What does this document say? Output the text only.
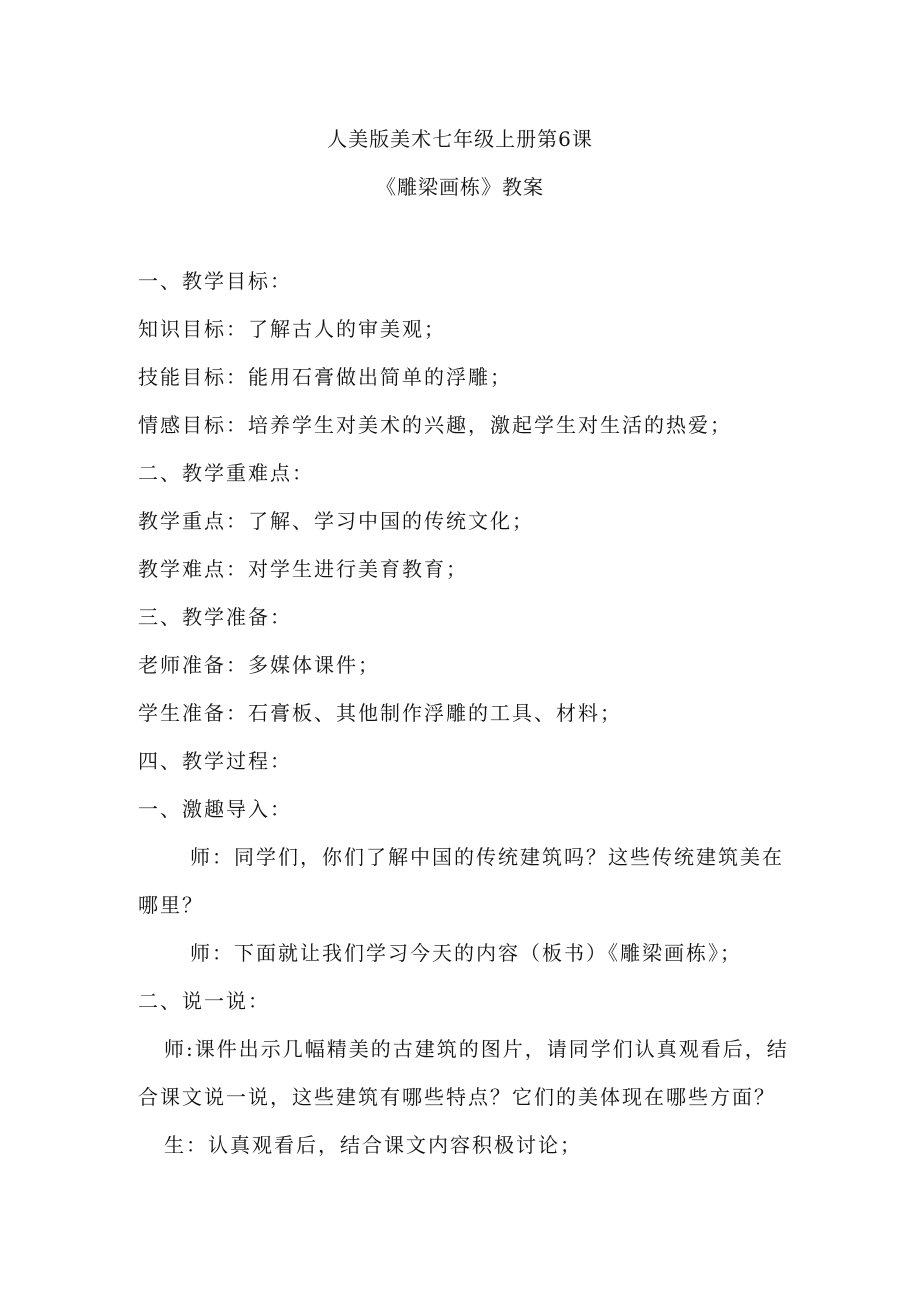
人美版美术七年级上册第6课
《雕梁画栋》教案
一、教学目标：
知识目标：了解古人的审美观；
技能目标：能用石膏做出简单的浮雕；
情感目标：培养学生对美术的兴趣，激起学生对生活的热爱；
二、教学重难点：
教学重点：了解、学习中国的传统文化；
教学难点：对学生进行美育教育；
三、教学准备：
老师准备：多媒体课件；
学生准备：石膏板、其他制作浮雕的工具、材料；
四、教学过程：
一、激趣导入：
师：同学们，你们了解中国的传统建筑吗？这些传统建筑美在
哪里？
师：下面就让我们学习今天的内容（板书）《雕梁画栋》；
二、说一说：
师:课件出示几幅精美的古建筑的图片，请同学们认真观看后，结
合课文说一说，这些建筑有哪些特点？它们的美体现在哪些方面？
生：认真观看后，结合课文内容积极讨论；
